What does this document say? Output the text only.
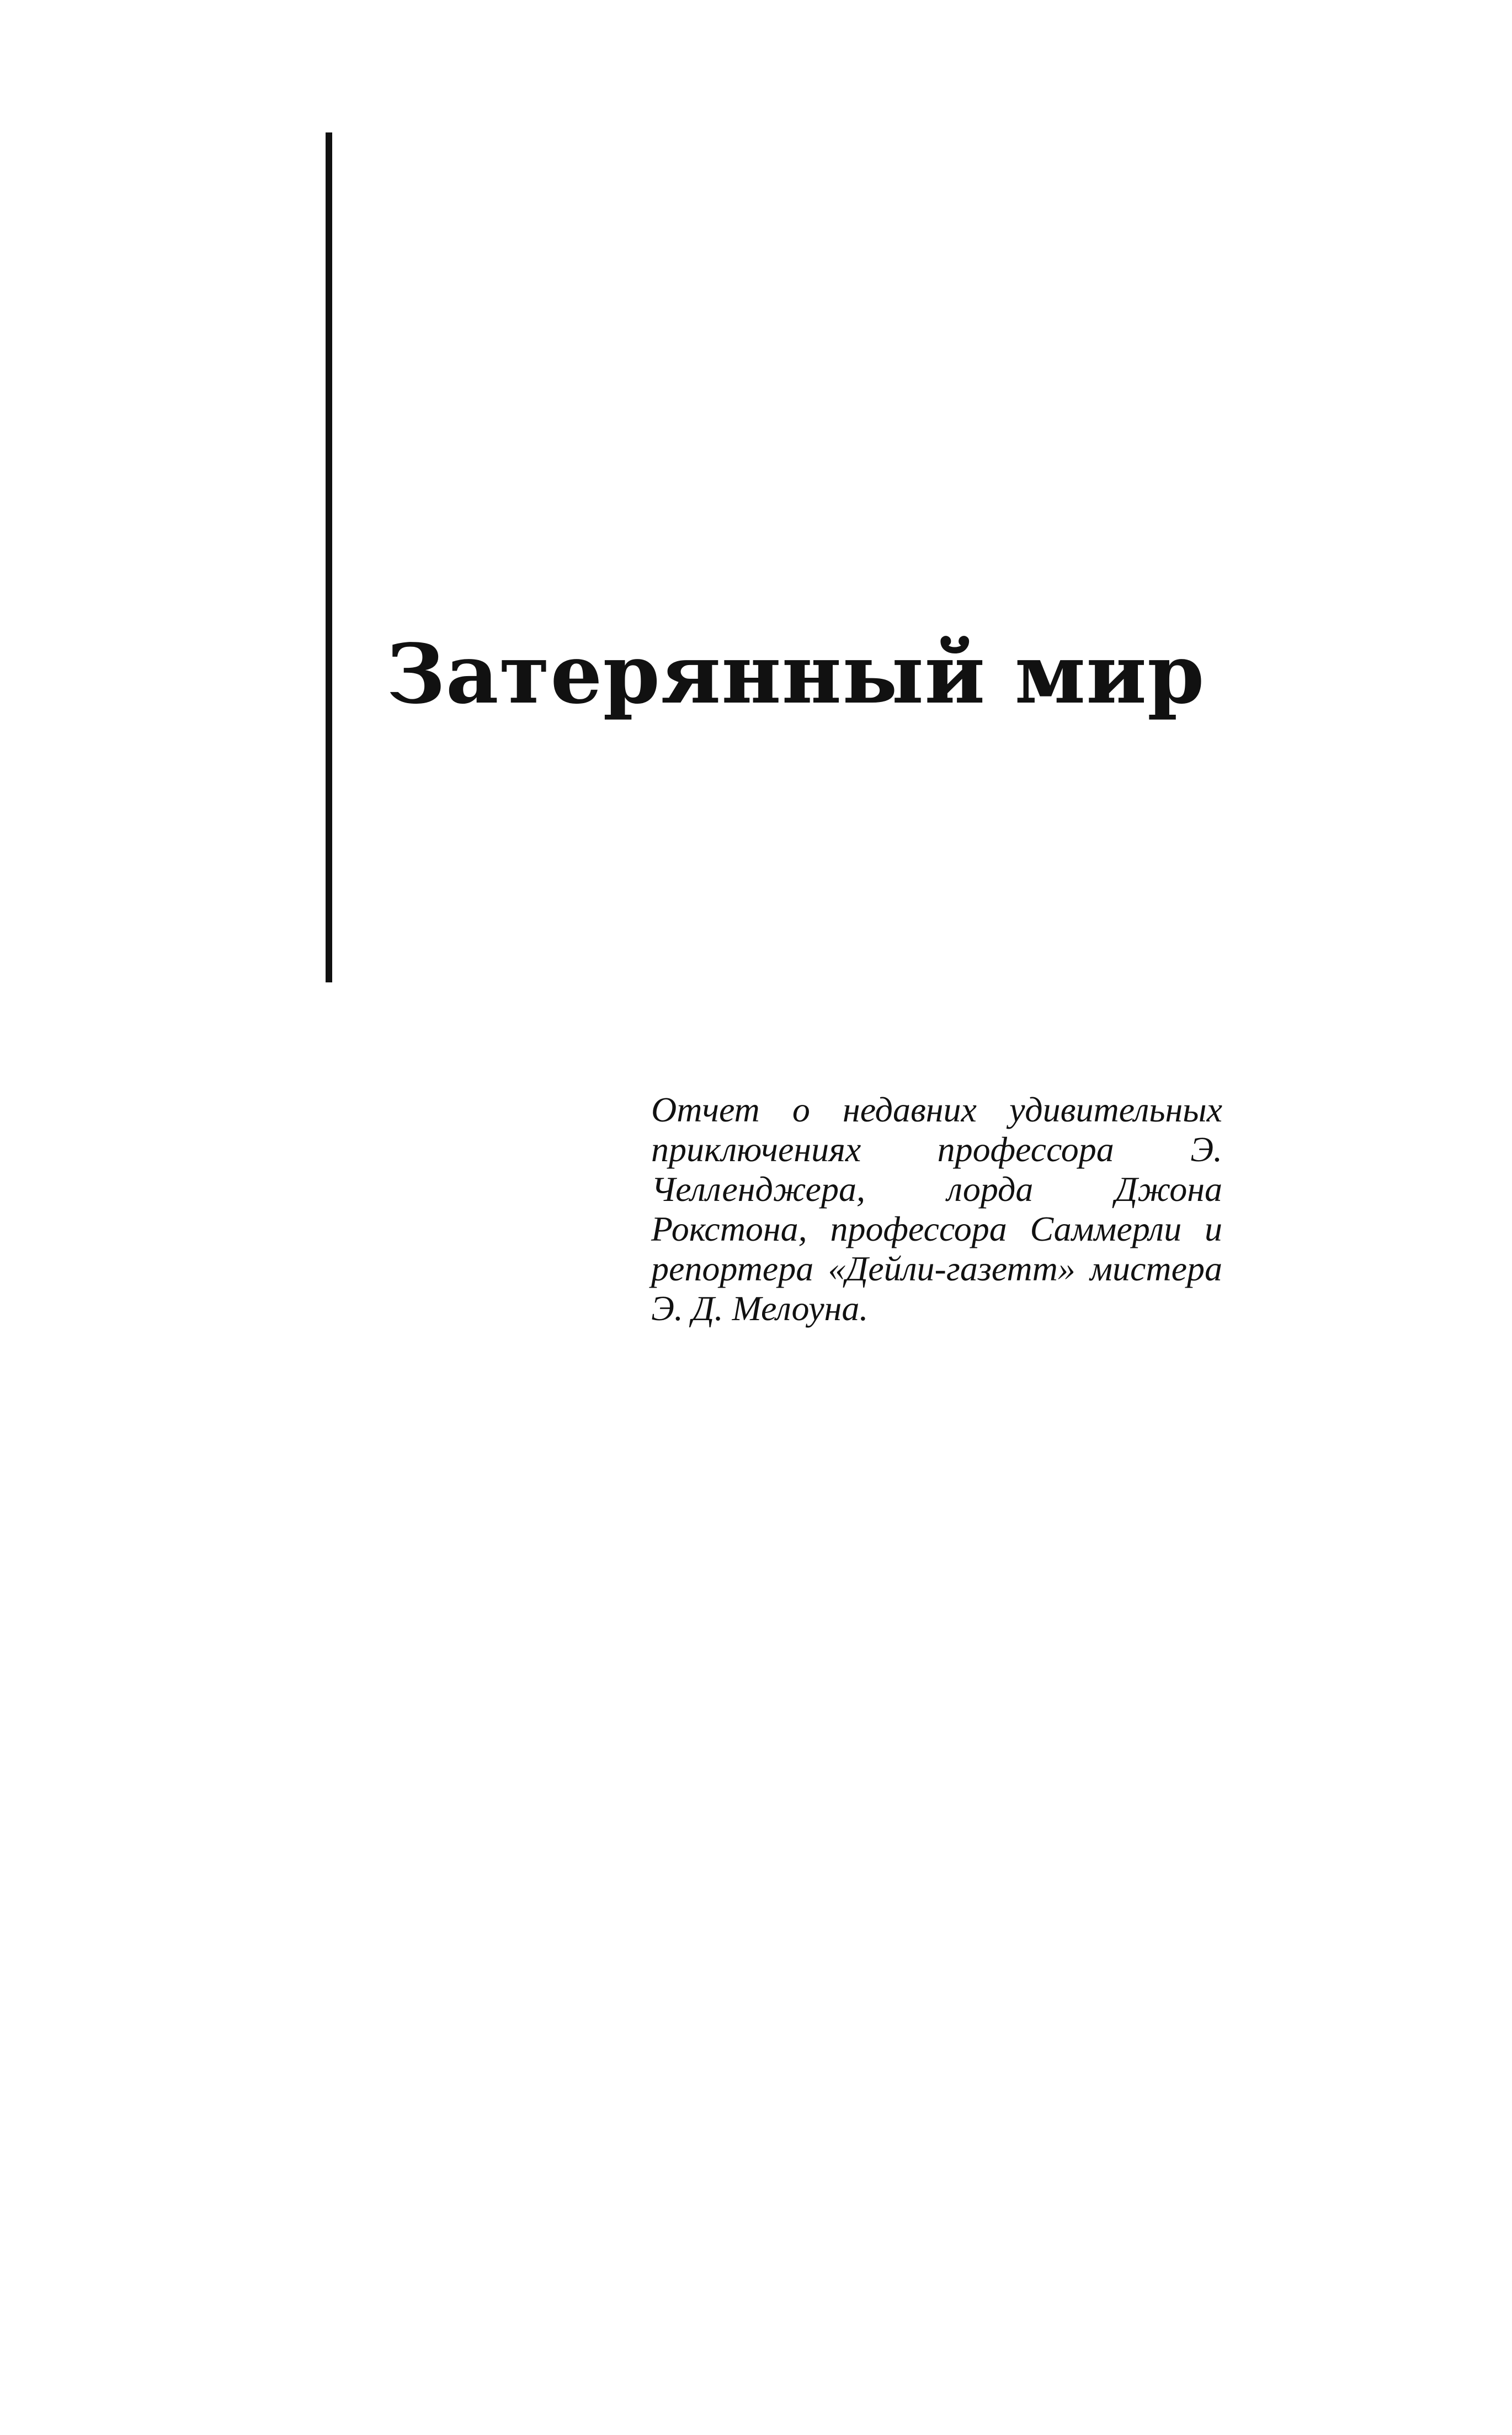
Затерянный мир

Отчет о недавних удивительных приключениях профессора Э. Челленджера, лорда Джона Рокстона, профессора Саммерли и репортера «Дейли-газетт» мистера Э. Д. Мелоуна.
